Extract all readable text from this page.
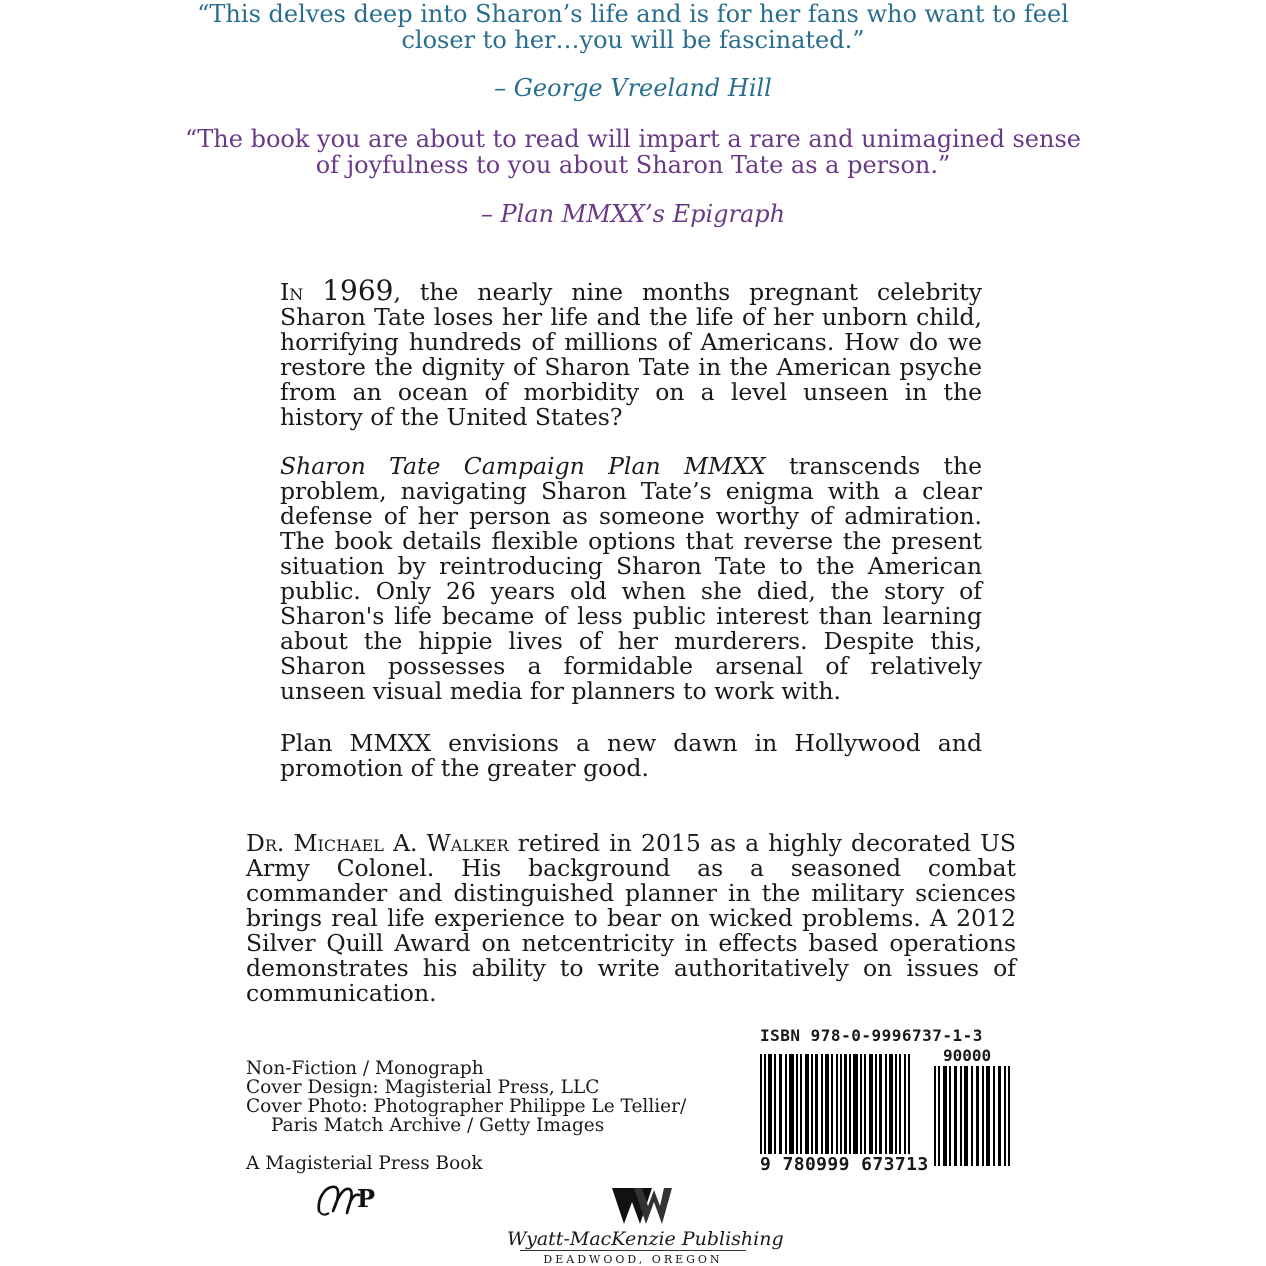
“This delves deep into Sharon’s life and is for her fans who want to feel closer to her…you will be fascinated.”
– George Vreeland Hill
“The book you are about to read will impart a rare and unimagined sense of joyfulness to you about Sharon Tate as a person.”
– Plan MMXX’s Epigraph

In 1969, the nearly nine months pregnant celebrity Sharon Tate loses her life and the life of her unborn child, horrifying hundreds of millions of Americans. How do we restore the dignity of Sharon Tate in the American psyche from an ocean of morbidity on a level unseen in the history of the United States?

Sharon Tate Campaign Plan MMXX transcends the problem, navigating Sharon Tate’s enigma with a clear defense of her person as someone worthy of admiration. The book details flexible options that reverse the present situation by reintroducing Sharon Tate to the American public. Only 26 years old when she died, the story of Sharon's life became of less public interest than learning about the hippie lives of her murderers. Despite this, Sharon possesses a formidable arsenal of relatively unseen visual media for planners to work with.

Plan MMXX envisions a new dawn in Hollywood and promotion of the greater good.

Dr. Michael A. Walker retired in 2015 as a highly decorated US Army Colonel. His background as a seasoned combat commander and distinguished planner in the military sciences brings real life experience to bear on wicked problems. A 2012 Silver Quill Award on netcentricity in effects based operations demonstrates his ability to write authoritatively on issues of communication.

Non-Fiction / Monograph
Cover Design: Magisterial Press, LLC
Cover Photo: Photographer Philippe Le Tellier/
Paris Match Archive / Getty Images
A Magisterial Press Book
P
ISBN 978-0-9996737-1-3
90000
9 780999 673713
Wyatt-MacKenzie Publishing
DEADWOOD, OREGON
